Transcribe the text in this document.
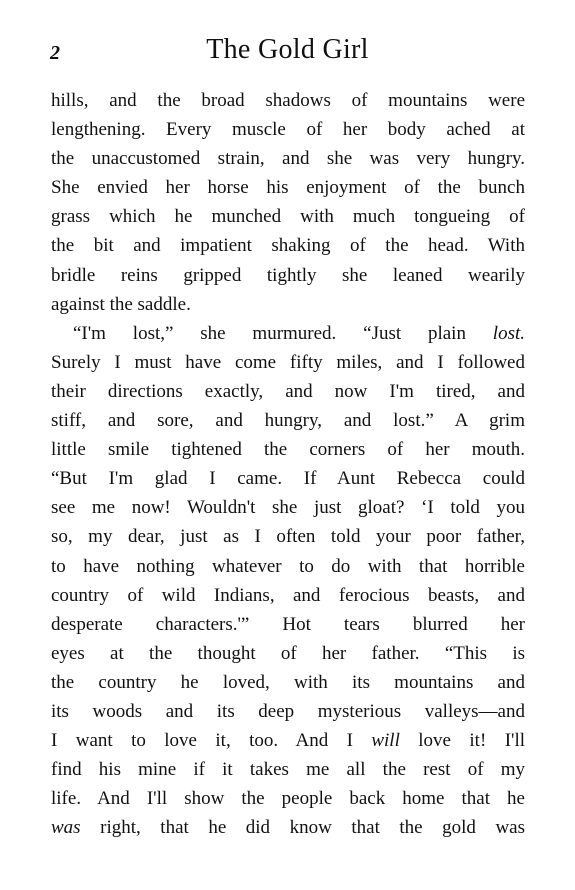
2	The Gold Girl
hills, and the broad shadows of mountains were
lengthening. Every muscle of her body ached at
the unaccustomed strain, and she was very hungry.
She envied her horse his enjoyment of the bunch
grass which he munched with much tongueing of
the bit and impatient shaking of the head. With
bridle reins gripped tightly she leaned wearily
against the saddle.
“I'm lost,” she murmured. “Just plain lost.
Surely I must have come fifty miles, and I followed
their directions exactly, and now I'm tired, and
stiff, and sore, and hungry, and lost.” A grim
little smile tightened the corners of her mouth.
“But I'm glad I came. If Aunt Rebecca could
see me now! Wouldn't she just gloat? ‘I told you
so, my dear, just as I often told your poor father,
to have nothing whatever to do with that horrible
country of wild Indians, and ferocious beasts, and
desperate characters.'” Hot tears blurred her
eyes at the thought of her father. “This is
the country he loved, with its mountains and
its woods and its deep mysterious valleys—and
I want to love it, too. And I will love it! I'll
find his mine if it takes me all the rest of my
life. And I'll show the people back home that he
was right, that he did know that the gold was
